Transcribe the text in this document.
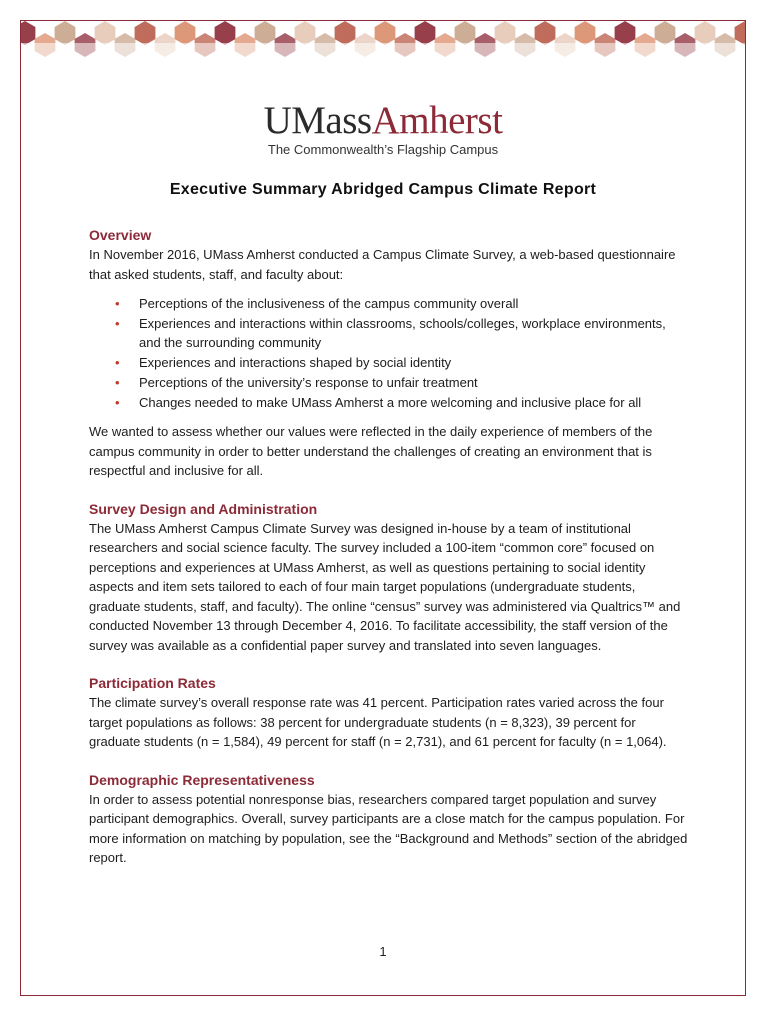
UMassAmherst
The Commonwealth’s Flagship Campus
Executive Summary Abridged Campus Climate Report
Overview

In November 2016, UMass Amherst conducted a Campus Climate Survey, a web-based questionnaire that asked students, staff, and faculty about:

• Perceptions of the inclusiveness of the campus community overall
• Experiences and interactions within classrooms, schools/colleges, workplace environments, and the surrounding community
• Experiences and interactions shaped by social identity
• Perceptions of the university’s response to unfair treatment
• Changes needed to make UMass Amherst a more welcoming and inclusive place for all

We wanted to assess whether our values were reflected in the daily experience of members of the campus community in order to better understand the challenges of creating an environment that is respectful and inclusive for all.

Survey Design and Administration

The UMass Amherst Campus Climate Survey was designed in-house by a team of institutional researchers and social science faculty. The survey included a 100-item “common core” focused on perceptions and experiences at UMass Amherst, as well as questions pertaining to social identity aspects and item sets tailored to each of four main target populations (undergraduate students, graduate students, staff, and faculty). The online “census” survey was administered via Qualtrics™ and conducted November 13 through December 4, 2016. To facilitate accessibility, the staff version of the survey was available as a confidential paper survey and translated into seven languages.

Participation Rates

The climate survey’s overall response rate was 41 percent. Participation rates varied across the four target populations as follows: 38 percent for undergraduate students (n = 8,323), 39 percent for graduate students (n = 1,584), 49 percent for staff (n = 2,731), and 61 percent for faculty (n = 1,064).

Demographic Representativeness

In order to assess potential nonresponse bias, researchers compared target population and survey participant demographics. Overall, survey participants are a close match for the campus population. For more information on matching by population, see the “Background and Methods” section of the abridged report.

1
